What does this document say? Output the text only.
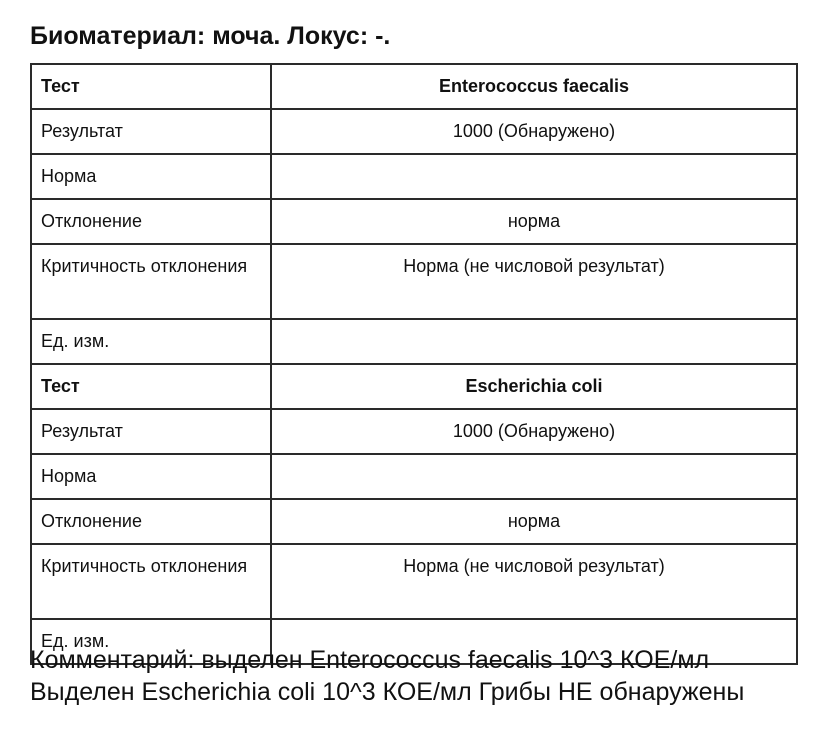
Биоматериал: моча. Локус: -.
Тест	Enterococcus faecalis
Результат	1000 (Обнаружено)
Норма	
Отклонение	норма
Критичность отклонения	Норма (не числовой результат)
Ед. изм.	
Тест	Escherichia coli
Результат	1000 (Обнаружено)
Норма	
Отклонение	норма
Критичность отклонения	Норма (не числовой результат)
Ед. изм.	
Комментарий: выделен Enterococcus faecalis 10^3 КОЕ/мл Выделен Escherichia coli 10^3 КОЕ/мл Грибы НЕ обнаружены
